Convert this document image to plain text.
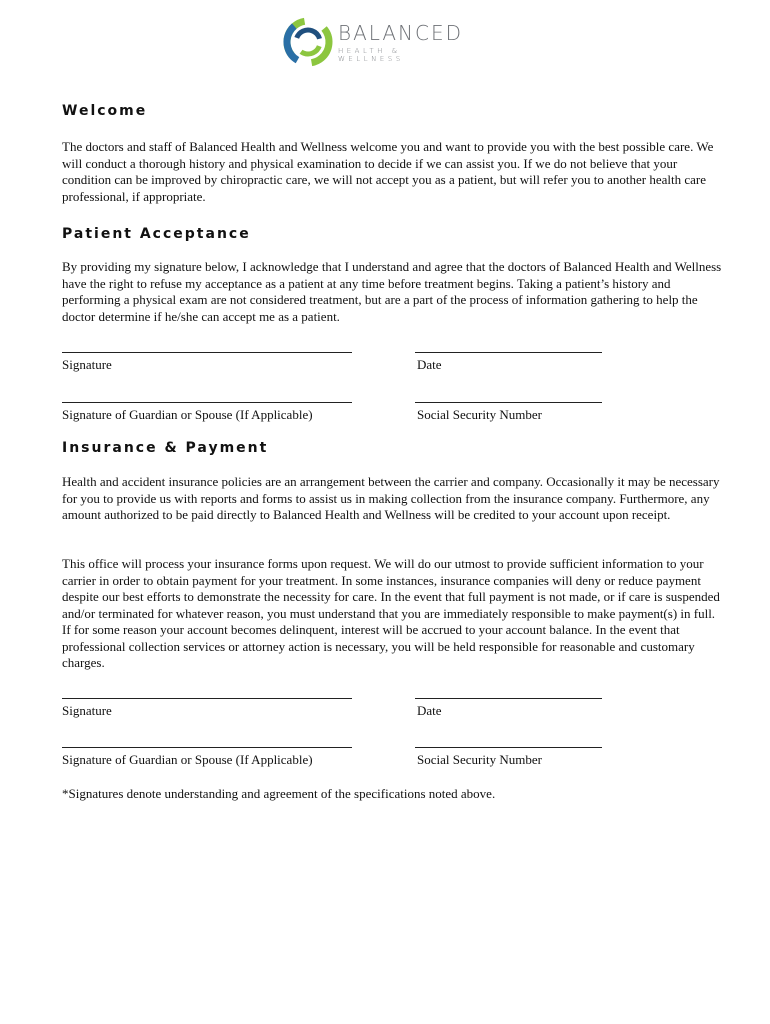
BALANCED
HEALTH & WELLNESS
Welcome

The doctors and staff of Balanced Health and Wellness welcome you and want to provide you with the best possible care. We will conduct a thorough history and physical examination to decide if we can assist you. If we do not believe that your condition can be improved by chiropractic care, we will not accept you as a patient, but will refer you to another health care professional, if appropriate.

Patient Acceptance

By providing my signature below, I acknowledge that I understand and agree that the doctors of Balanced Health and Wellness have the right to refuse my acceptance as a patient at any time before treatment begins. Taking a patient’s history and performing a physical exam are not considered treatment, but are a part of the process of information gathering to help the doctor determine if he/she can accept me as a patient.

Signature	Date
Signature of Guardian or Spouse (If Applicable)	Social Security Number
Insurance & Payment

Health and accident insurance policies are an arrangement between the carrier and company. Occasionally it may be necessary for you to provide us with reports and forms to assist us in making collection from the insurance company. Furthermore, any amount authorized to be paid directly to Balanced Health and Wellness will be credited to your account upon receipt.

This office will process your insurance forms upon request. We will do our utmost to provide sufficient information to your carrier in order to obtain payment for your treatment. In some instances, insurance companies will deny or reduce payment despite our best efforts to demonstrate the necessity for care. In the event that full payment is not made, or if care is suspended and/or terminated for whatever reason, you must understand that you are immediately responsible to make payment(s) in full. If for some reason your account becomes delinquent, interest will be accrued to your account balance. In the event that professional collection services or attorney action is necessary, you will be held responsible for reasonable and customary charges.

Signature	Date
Signature of Guardian or Spouse (If Applicable)	Social Security Number
*Signatures denote understanding and agreement of the specifications noted above.
